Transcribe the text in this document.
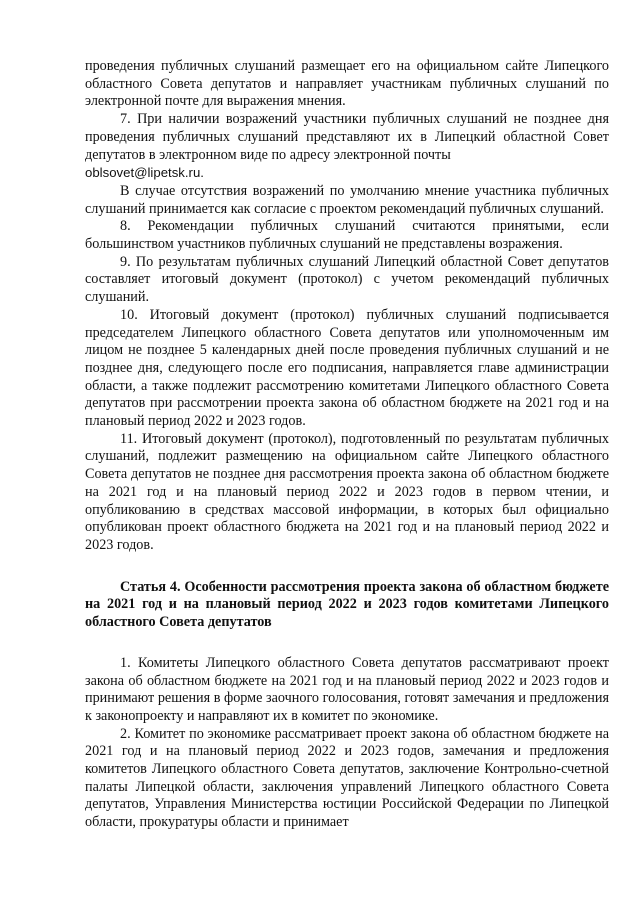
проведения публичных слушаний размещает его на официальном сайте Липецкого областного Совета депутатов и направляет участникам публичных слушаний по электронной почте для выражения мнения.

7. При наличии возражений участники публичных слушаний не позднее дня проведения публичных слушаний представляют их в Липецкий областной Совет депутатов в электронном виде по адресу электронной почты

oblsovet@lipetsk.ru.

В случае отсутствия возражений по умолчанию мнение участника публичных слушаний принимается как согласие с проектом рекомендаций публичных слушаний.

8. Рекомендации публичных слушаний считаются принятыми, если большинством участников публичных слушаний не представлены возражения.

9. По результатам публичных слушаний Липецкий областной Совет депутатов составляет итоговый документ (протокол) с учетом рекомендаций публичных слушаний.

10. Итоговый документ (протокол) публичных слушаний подписывается председателем Липецкого областного Совета депутатов или уполномоченным им лицом не позднее 5 календарных дней после проведения публичных слушаний и не позднее дня, следующего после его подписания, направляется главе администрации области, а также подлежит рассмотрению комитетами Липецкого областного Совета депутатов при рассмотрении проекта закона об областном бюджете на 2021 год и на плановый период 2022 и 2023 годов.

11. Итоговый документ (протокол), подготовленный по результатам публичных слушаний, подлежит размещению на официальном сайте Липецкого областного Совета депутатов не позднее дня рассмотрения проекта закона об областном бюджете на 2021 год и на плановый период 2022 и 2023 годов в первом чтении, и опубликованию в средствах массовой информации, в которых был официально опубликован проект областного бюджета на 2021 год и на плановый период 2022 и 2023 годов.

Статья 4. Особенности рассмотрения проекта закона об областном бюджете на 2021 год и на плановый период 2022 и 2023 годов комитетами Липецкого областного Совета депутатов

1. Комитеты Липецкого областного Совета депутатов рассматривают проект закона об областном бюджете на 2021 год и на плановый период 2022 и 2023 годов и принимают решения в форме заочного голосования, готовят замечания и предложения к законопроекту и направляют их в комитет по экономике.

2. Комитет по экономике рассматривает проект закона об областном бюджете на 2021 год и на плановый период 2022 и 2023 годов, замечания и предложения комитетов Липецкого областного Совета депутатов, заключение Контрольно-счетной палаты Липецкой области, заключения управлений Липецкого областного Совета депутатов, Управления Министерства юстиции Российской Федерации по Липецкой области, прокуратуры области и принимает
